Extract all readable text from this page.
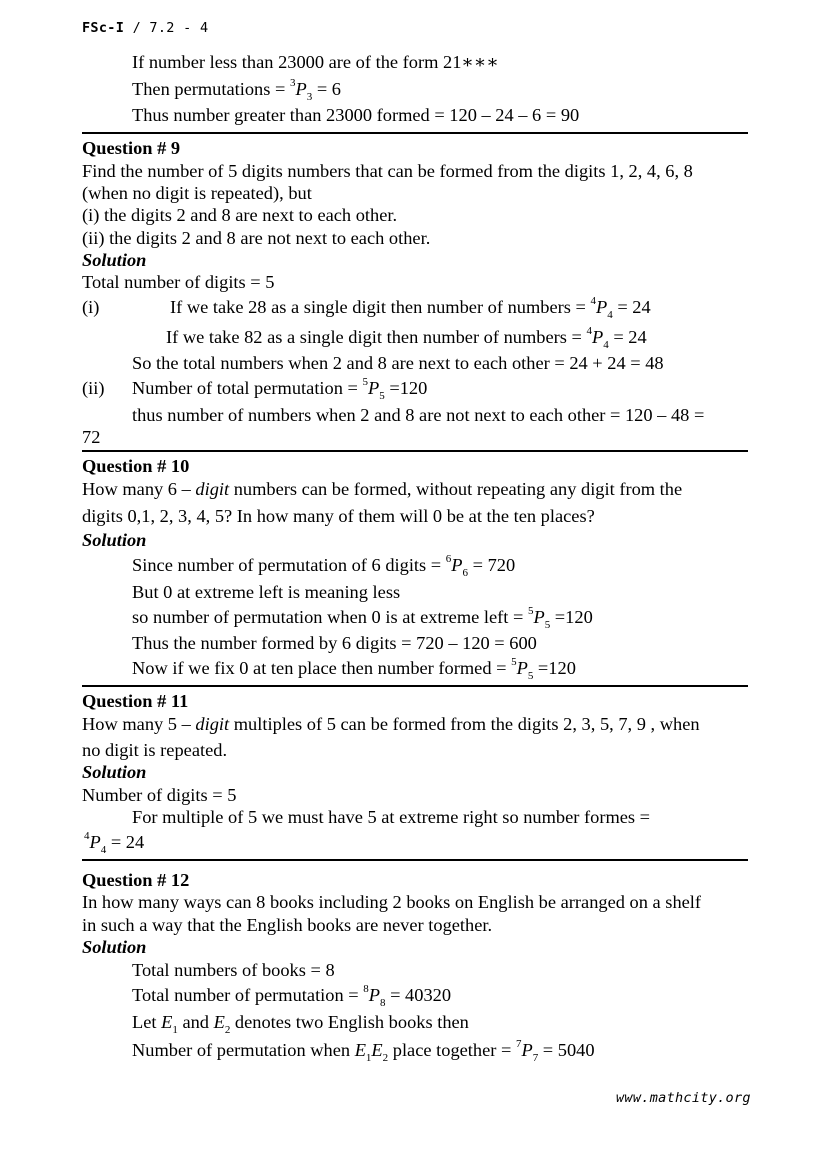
FSc-I / 7.2 - 4
If number less than 23000 are of the form 21∗∗∗
Then permutations = $^3P_3 = 6$
Thus number greater than 23000 formed = 120 – 24 – 6 = 90
Question # 9
Find the number of 5 digits numbers that can be formed from the digits 1, 2, 4, 6, 8
(when no digit is repeated), but
(i) the digits 2 and 8 are next to each other.
(ii) the digits 2 and 8 are not next to each other.
Solution
Total number of digits = 5
(i)	If we take 28 as a single digit then number of numbers = $^4P_4 = 24$
If we take 82 as a single digit then number of numbers = $^4P_4 = 24$
So the total numbers when 2 and 8 are next to each other = 24 + 24 = 48
(ii) Number of total permutation = $^5P_5 =120$
thus number of numbers when 2 and 8 are not next to each other = 120 – 48 =
72
Question # 10
How many 6 – digit numbers can be formed, without repeating any digit from the
digits 0,1, 2, 3, 4, 5? In how many of them will 0 be at the ten places?
Solution
Since number of permutation of 6 digits = $^6P_6 = 720$
But 0 at extreme left is meaning less
so number of permutation when 0 is at extreme left = $^5P_5 =120$
Thus the number formed by 6 digits = 720 – 120 = 600
Now if we fix 0 at ten place then number formed = $^5P_5 =120$
Question # 11
How many 5 – digit multiples of 5 can be formed from the digits 2, 3, 5, 7, 9 , when
no digit is repeated.
Solution
Number of digits = 5
For multiple of 5 we must have 5 at extreme right so number formes =
$^4P_4 = 24$
Question # 12
In how many ways can 8 books including 2 books on English be arranged on a shelf
in such a way that the English books are never together.
Solution
Total numbers of books = 8
Total number of permutation = $^8P_8 = 40320$
Let $E_1$ and $E_2$ denotes two English books then
Number of permutation when $E_1E_2$ place together = $^7P_7 = 5040$
www.mathcity.org
